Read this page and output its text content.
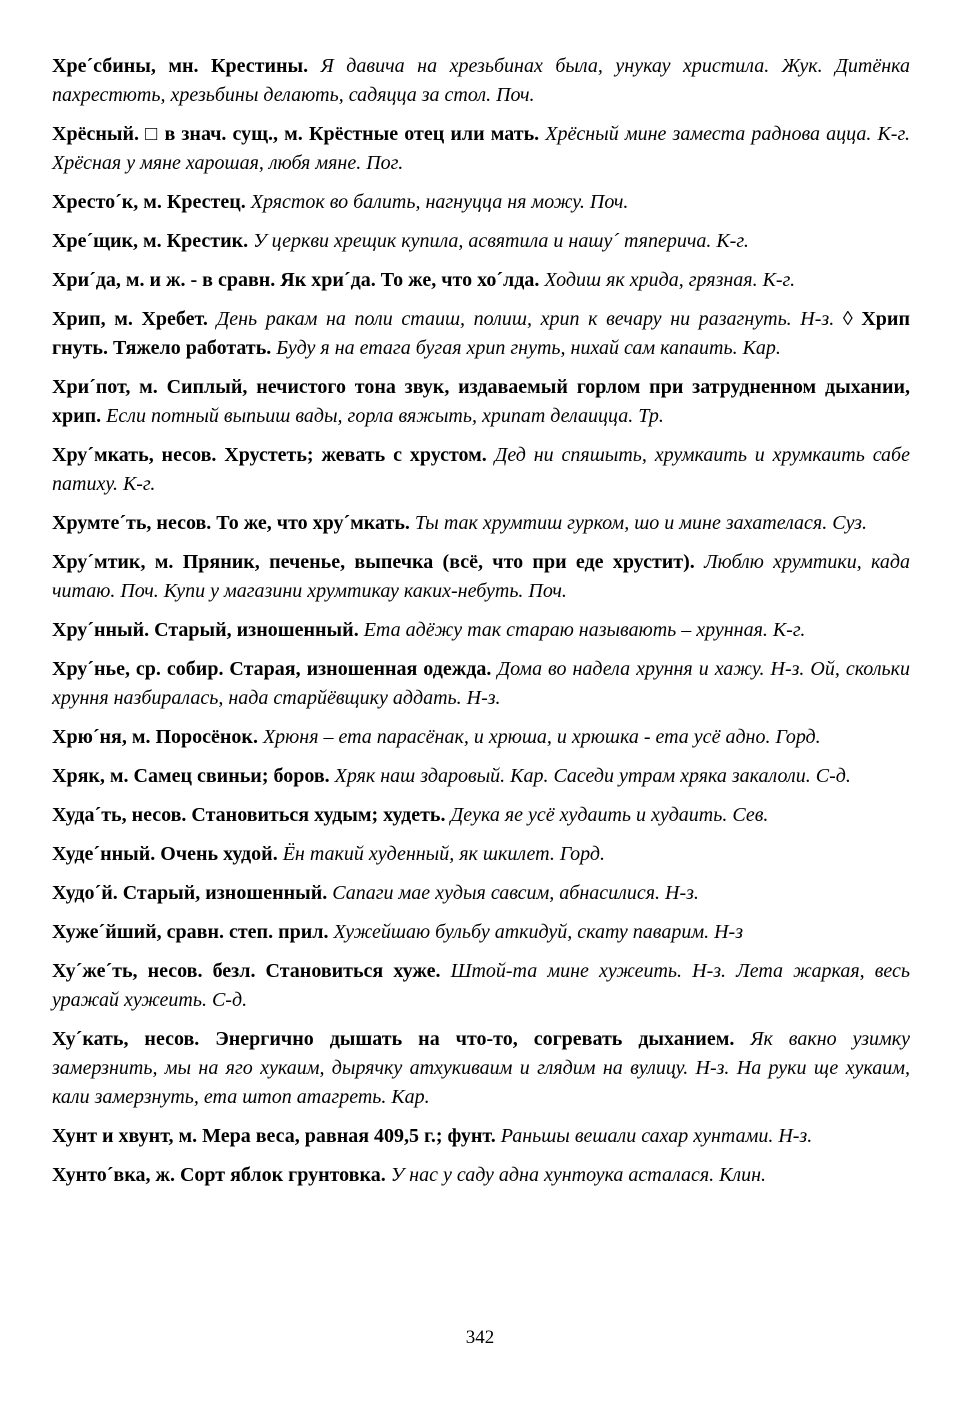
Хре´сбины, мн. Крестины. Я давича на хрезьбинах была, унукау христила. Жук. Дитёнка пахрестють, хрезьбины делають, садяцца за стол. Поч.

Хрёсный. □ в знач. сущ., м. Крёстные отец или мать. Хрёсный мине заместа раднова ацца. К-г. Хрёсная у мяне харошая, любя мяне. Пог.

Хресто´к, м. Крестец. Хрясток во балить, нагнуцца ня можу. Поч.

Хре´щик, м. Крестик. У церкви хрещик купила, асвятила и нашу´ тяперича. К-г.

Хри´да, м. и ж. - в сравн. Як хри´да. То же, что хо´лда. Ходиш як хрида, грязная. К-г.

Хрип, м. Хребет. День ракам на поли стаиш, полиш, хрип к вечару ни разагнуть. Н-з. ◊ Хрип гнуть. Тяжело работать. Буду я на етага бугая хрип гнуть, нихай сам капаить. Кар.

Хри´пот, м. Сиплый, нечистого тона звук, издаваемый горлом при затрудненном дыхании, хрип. Если потный выпьиш вады, горла вяжыть, хрипат делаицца. Тр.

Хру´мкать, несов. Хрустеть; жевать с хрустом. Дед ни спяшыть, хрумкаить и хрумкаить сабе патиху. К-г.

Хрумте´ть, несов. То же, что хру´мкать. Ты так хрумтиш гурком, шо и мине захателася. Суз.

Хру´мтик, м. Пряник, печенье, выпечка (всё, что при еде хрустит). Люблю хрумтики, када читаю. Поч. Купи у магазини хрумтикау каких-небуть. Поч.

Хру´нный. Старый, изношенный. Ета адёжу так стараю называють – хрунная. К-г.

Хру´нье, ср. собир. Старая, изношенная одежда. Дома во надела хруння и хажу. Н-з. Ой, скольки хруння назбиралась, нада старйёвщику аддать. Н-з.

Хрю´ня, м. Поросёнок. Хрюня – ета парасёнак, и хрюша, и хрюшка - ета усё адно. Горд.

Хряк, м. Самец свиньи; боров. Хряк наш здаровый. Кар. Саседи утрам хряка закалоли. С-д.

Худа´ть, несов. Становиться худым; худеть. Деука яе усё худаить и худаить. Сев.

Худе´нный. Очень худой. Ён такий худенный, як шкилет. Горд.

Худо´й. Старый, изношенный. Сапаги мае худыя савсим, абнасилися. Н-з.

Хуже´йший, сравн. степ. прил. Хужейшаю бульбу аткидуй, скату паварим. Н-з

Ху´же´ть, несов. безл. Становиться хуже. Штой-та мине хужеить. Н-з. Лета жаркая, весь уражай хужеить. С-д.

Ху´кать, несов. Энергично дышать на что-то, согревать дыханием. Як вакно узимку замерзнить, мы на яго хукаим, дырячку атхукиваим и глядим на вулицу. Н-з. На руки ще хукаим, кали замерзнуть, ета штоп атагреть. Кар.

Хунт и хвунт, м. Мера веса, равная 409,5 г.; фунт. Раньшы вешали сахар хунтами. Н-з.

Хунто´вка, ж. Сорт яблок грунтовка. У нас у саду адна хунтоука асталася. Клин.

342
